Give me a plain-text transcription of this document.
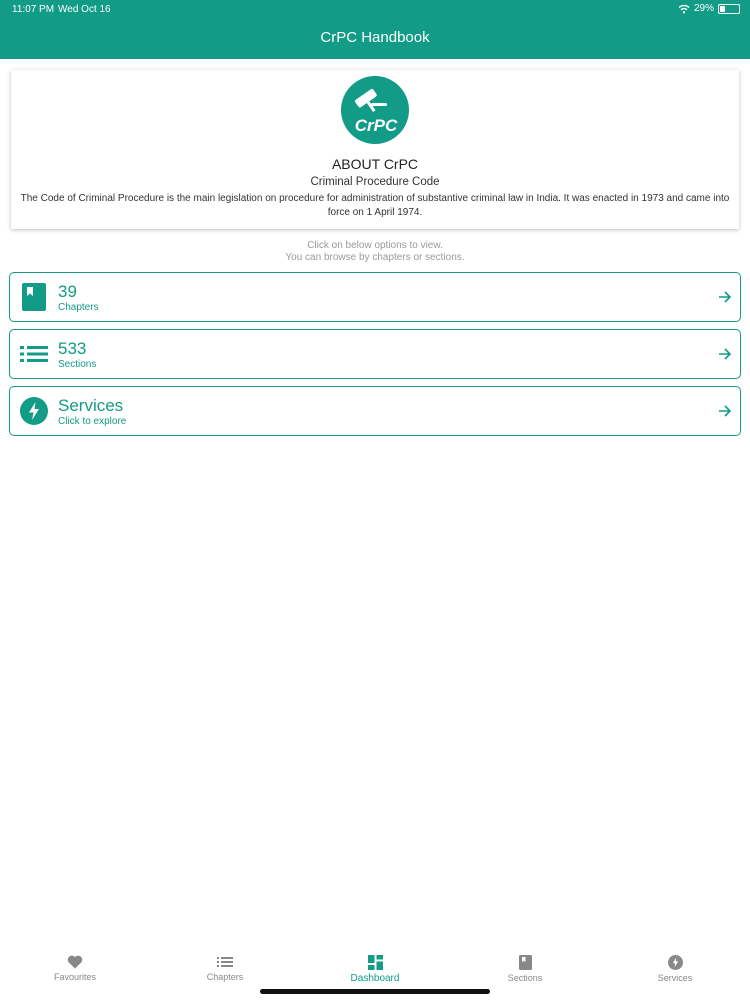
11:07 PM Wed Oct 16	29%
CrPC Handbook
CrPC
ABOUT CrPC
Criminal Procedure Code
The Code of Criminal Procedure is the main legislation on procedure for administration of substantive criminal law in India. It was enacted in 1973 and came into force on 1 April 1974.
Click on below options to view.
You can browse by chapters or sections.
39
Chapters
533
Sections
Services
Click to explore
Favourites	Chapters	Dashboard	Sections	Services
